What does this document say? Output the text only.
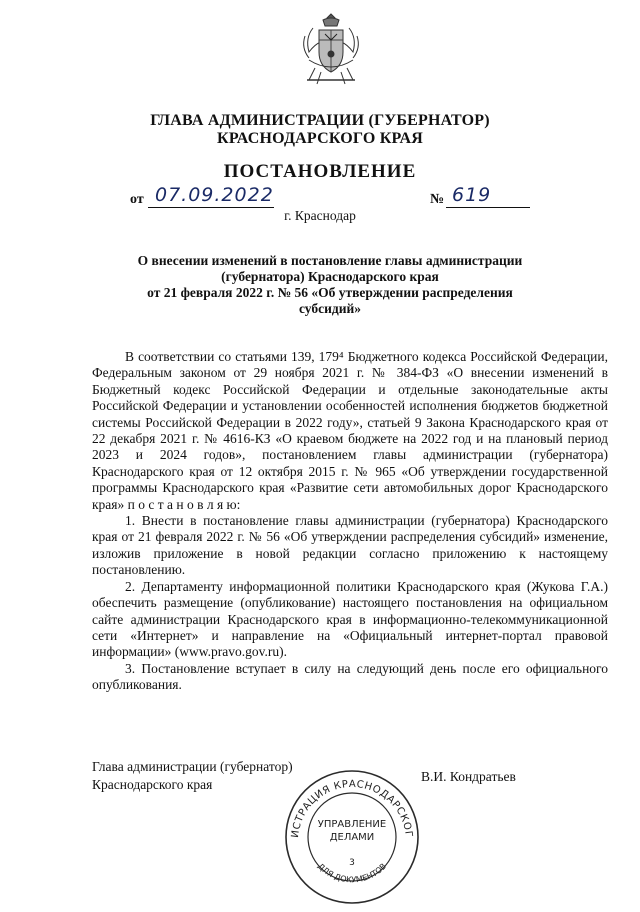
ГЛАВА АДМИНИСТРАЦИИ (ГУБЕРНАТОР)
КРАСНОДАРСКОГО КРАЯ
ПОСТАНОВЛЕНИЕ
от 07.09.2022	№ 619
г. Краснодар
О внесении изменений в постановление главы администрации
(губернатора) Краснодарского края
от 21 февраля 2022 г. № 56 «Об утверждении распределения
субсидий»

В соответствии со статьями 139, 179⁴ Бюджетного кодекса Российской Федерации, Федеральным законом от 29 ноября 2021 г. № 384-ФЗ «О внесении изменений в Бюджетный кодекс Российской Федерации и отдельные законодательные акты Российской Федерации и установлении особенностей исполнения бюджетов бюджетной системы Российской Федерации в 2022 году», статьей 9 Закона Краснодарского края от 22 декабря 2021 г. № 4616-КЗ «О краевом бюджете на 2022 год и на плановый период 2023 и 2024 годов», постановлением главы администрации (губернатора) Краснодарского края от 12 октября 2015 г. № 965 «Об утверждении государственной программы Краснодарского края «Развитие сети автомобильных дорог Краснодарского края» п о с т а н о в л я ю:

1. Внести в постановление главы администрации (губернатора) Краснодарского края от 21 февраля 2022 г. № 56 «Об утверждении распределения субсидий» изменение, изложив приложение в новой редакции согласно приложению к настоящему постановлению.

2. Департаменту информационной политики Краснодарского края (Жукова Г.А.) обеспечить размещение (опубликование) настоящего постановления на официальном сайте администрации Краснодарского края в информационно-телекоммуникационной сети «Интернет» и направление на «Официальный интернет-портал правовой информации» (www.pravo.gov.ru).

3. Постановление вступает в силу на следующий день после его официального опубликования.

Глава администрации (губернатор)
Краснодарского края
В.И. Кондратьев
ИСТРАЦИЯ КРАСНОДАРСКОГ
ДЛЯ ДОКУМЕНТОВ
УПРАВЛЕНИЕ
ДЕЛАМИ
3
